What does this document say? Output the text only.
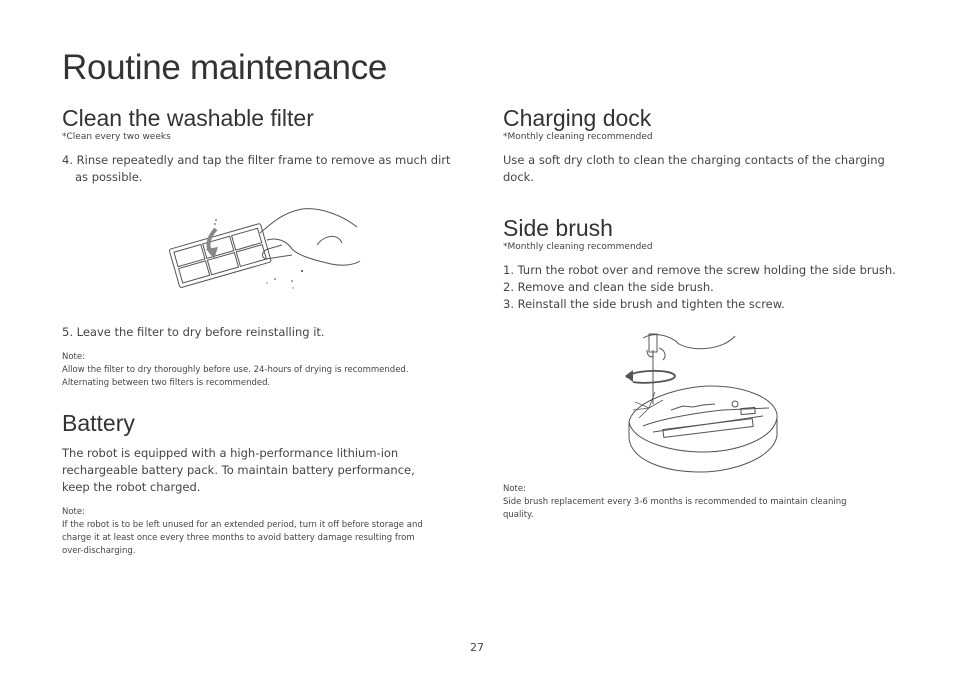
Routine maintenance
Clean the washable filter
*Clean every two weeks

4. Rinse repeatedly and tap the filter frame to remove as much dirt

as possible.

5. Leave the filter to dry before reinstalling it.

Note:
Allow the filter to dry thoroughly before use. 24-hours of drying is recommended.
Alternating between two filters is recommended.
Battery

The robot is equipped with a high-performance lithium-ion

rechargeable battery pack. To maintain battery performance,

keep the robot charged.

Note:
If the robot is to be left unused for an extended period, turn it off before storage and
charge it at least once every three months to avoid battery damage resulting from
over-discharging.
Charging dock
*Monthly cleaning recommended

Use a soft dry cloth to clean the charging contacts of the charging

dock.

Side brush
*Monthly cleaning recommended

1. Turn the robot over and remove the screw holding the side brush.

2. Remove and clean the side brush.

3. Reinstall the side brush and tighten the screw.

Note:
Side brush replacement every 3-6 months is recommended to maintain cleaning
quality.
27
